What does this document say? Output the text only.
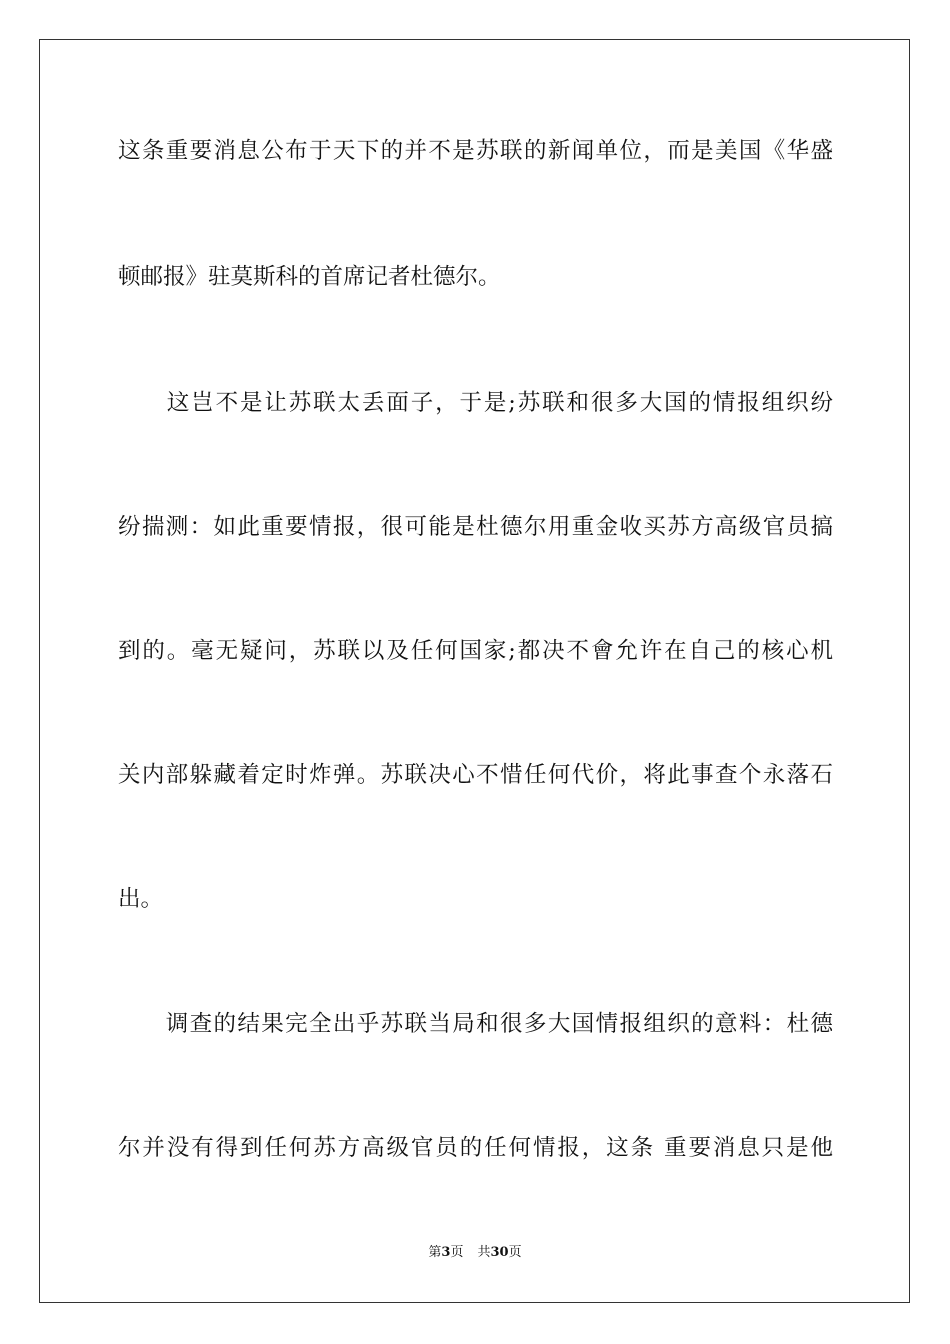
这条重要消息公布于天下的并不是苏联的新闻单位，而是美国《华盛
顿邮报》驻莫斯科的首席记者杜德尔。
　　这岂不是让苏联太丢面子，于是;苏联和很多大国的情报组织纷
纷揣测：如此重要情报，很可能是杜德尔用重金收买苏方高级官员搞
到的。毫无疑问，苏联以及任何国家;都决不會允许在自己的核心机
关内部躲藏着定时炸弹。苏联决心不惜任何代价，将此事查个永落石
出。
　　调查的结果完全出乎苏联当局和很多大国情报组织的意料：杜德
尔并没有得到任何苏方高级官员的任何情报，这条 重要消息只是他
第3页 共30页
